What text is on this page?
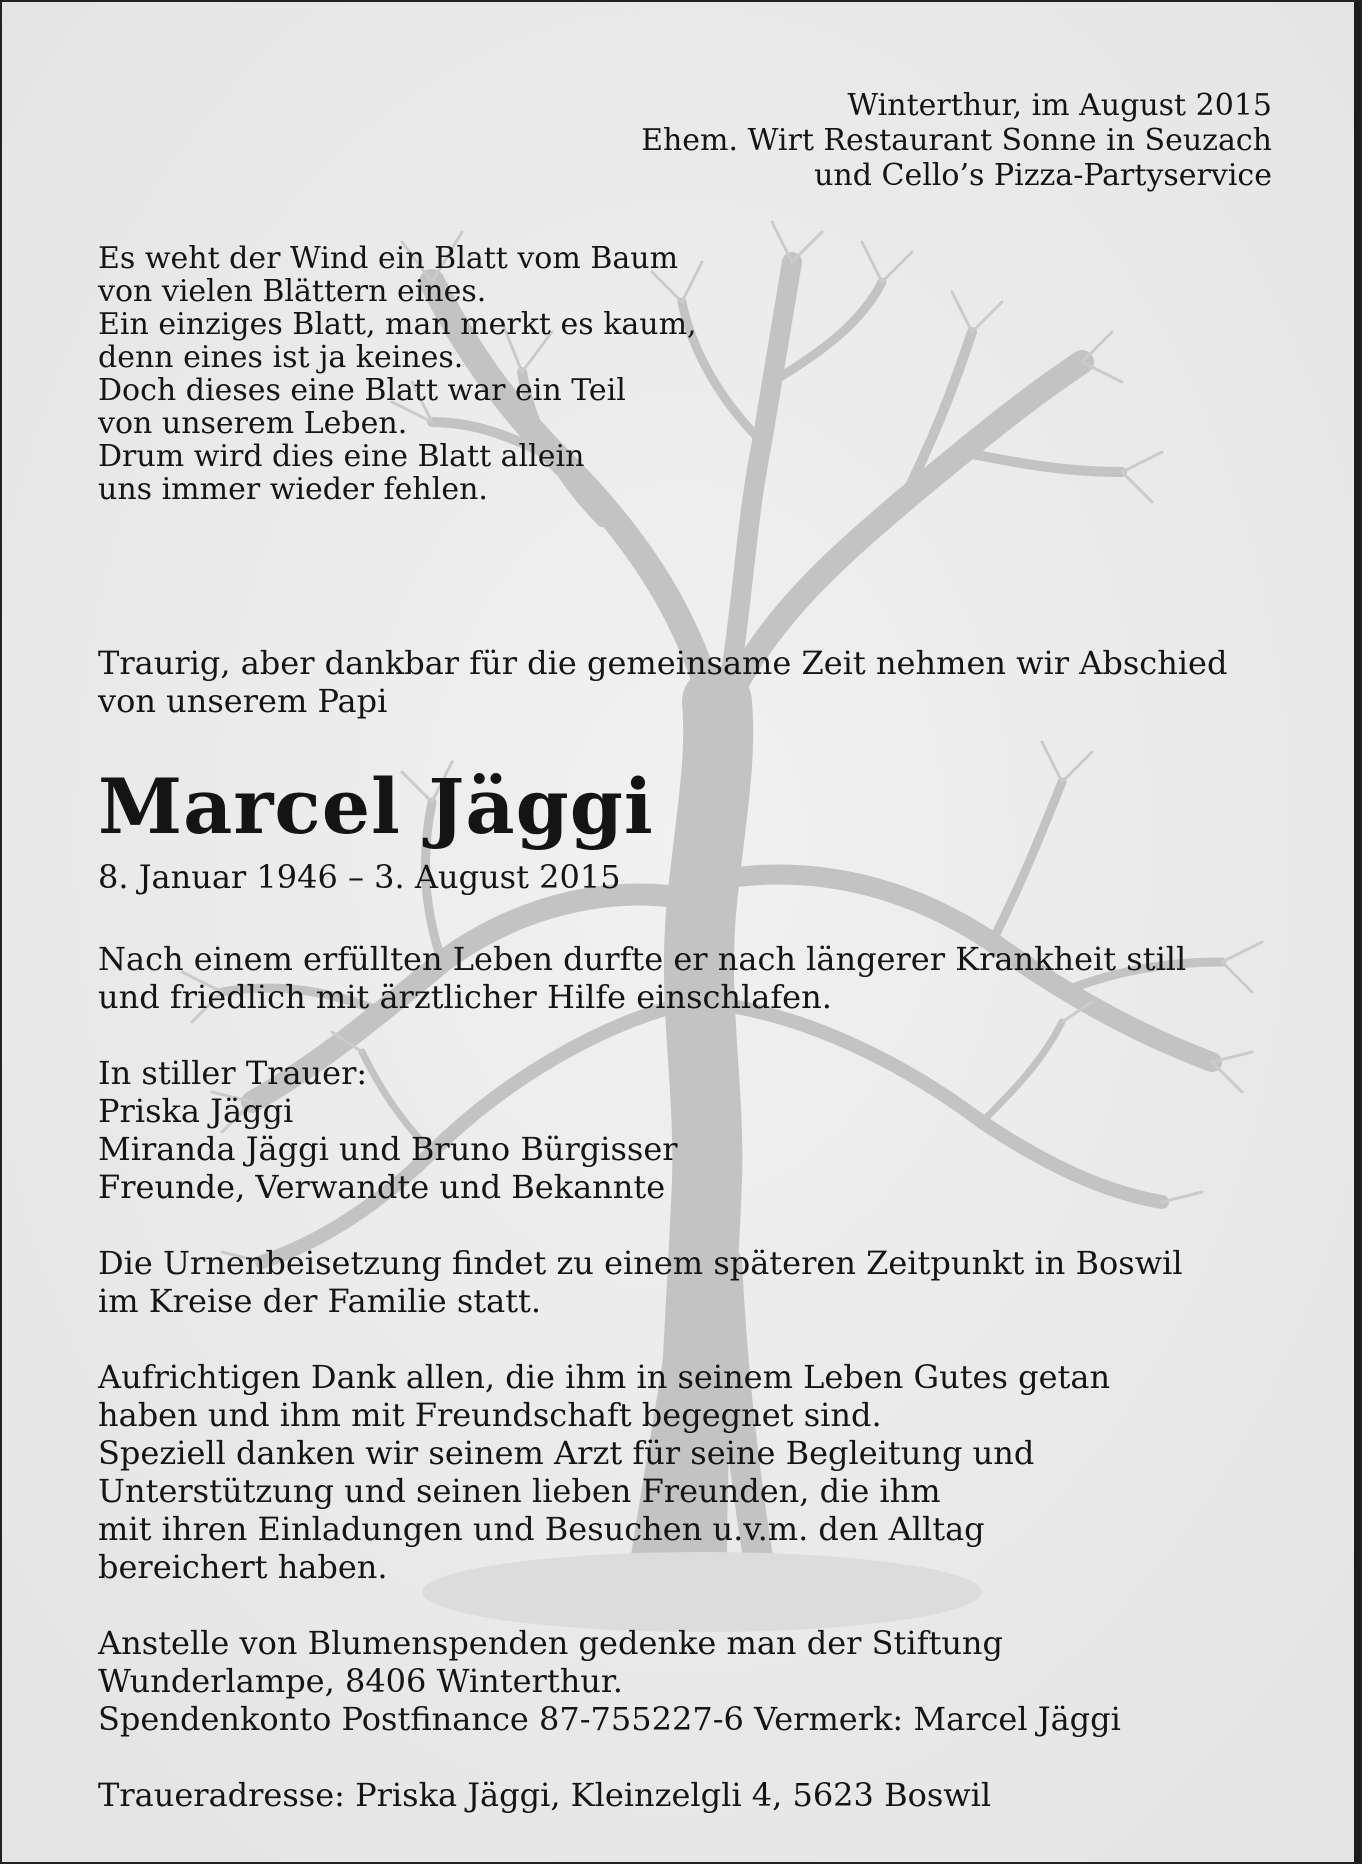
Winterthur, im August 2015
Ehem. Wirt Restaurant Sonne in Seuzach
und Cello’s Pizza-Partyservice
Es weht der Wind ein Blatt vom Baum
von vielen Blättern eines.
Ein einziges Blatt, man merkt es kaum,
denn eines ist ja keines.
Doch dieses eine Blatt war ein Teil
von unserem Leben.
Drum wird dies eine Blatt allein
uns immer wieder fehlen.
Traurig, aber dankbar für die gemeinsame Zeit nehmen wir Abschied
von unserem Papi
Marcel Jäggi
8. Januar 1946 – 3. August 2015
Nach einem erfüllten Leben durfte er nach längerer Krankheit still
und friedlich mit ärztlicher Hilfe einschlafen.
In stiller Trauer:
Priska Jäggi
Miranda Jäggi und Bruno Bürgisser
Freunde, Verwandte und Bekannte
Die Urnenbeisetzung findet zu einem späteren Zeitpunkt in Boswil
im Kreise der Familie statt.
Aufrichtigen Dank allen, die ihm in seinem Leben Gutes getan
haben und ihm mit Freundschaft begegnet sind.
Speziell danken wir seinem Arzt für seine Begleitung und
Unterstützung und seinen lieben Freunden, die ihm
mit ihren Einladungen und Besuchen u.v.m. den Alltag
bereichert haben.
Anstelle von Blumenspenden gedenke man der Stiftung
Wunderlampe, 8406 Winterthur.
Spendenkonto Postfinance 87-755227-6 Vermerk: Marcel Jäggi
Traueradresse: Priska Jäggi, Kleinzelgli 4, 5623 Boswil
